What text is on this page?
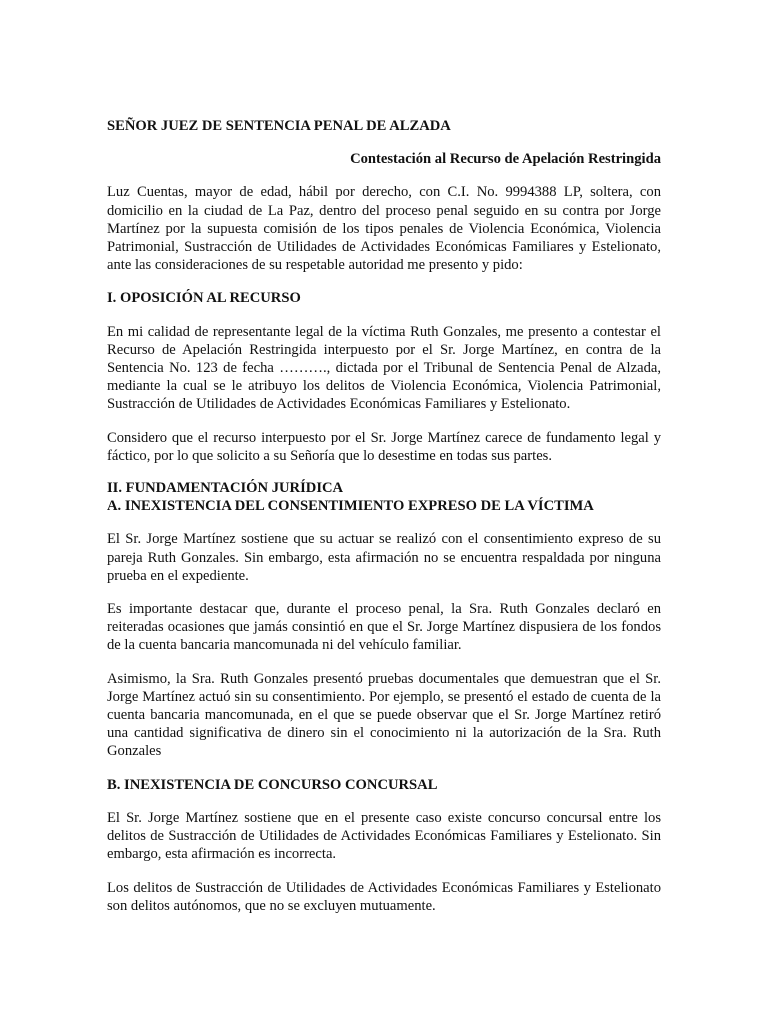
SEÑOR JUEZ DE SENTENCIA PENAL DE ALZADA

Contestación al Recurso de Apelación Restringida

Luz Cuentas, mayor de edad, hábil por derecho, con C.I. No. 9994388 LP, soltera, con domicilio en la ciudad de La Paz, dentro del proceso penal seguido en su contra por Jorge Martínez por la supuesta comisión de los tipos penales de Violencia Económica, Violencia Patrimonial, Sustracción de Utilidades de Actividades Económicas Familiares y Estelionato, ante las consideraciones de su respetable autoridad me presento y pido:

I. OPOSICIÓN AL RECURSO

En mi calidad de representante legal de la víctima Ruth Gonzales, me presento a contestar el Recurso de Apelación Restringida interpuesto por el Sr. Jorge Martínez, en contra de la Sentencia No. 123 de fecha ………., dictada por el Tribunal de Sentencia Penal de Alzada, mediante la cual se le atribuyo los delitos de Violencia Económica, Violencia Patrimonial, Sustracción de Utilidades de Actividades Económicas Familiares y Estelionato.

Considero que el recurso interpuesto por el Sr. Jorge Martínez carece de fundamento legal y fáctico, por lo que solicito a su Señoría que lo desestime en todas sus partes.

II. FUNDAMENTACIÓN JURÍDICA

A. INEXISTENCIA DEL CONSENTIMIENTO EXPRESO DE LA VÍCTIMA

El Sr. Jorge Martínez sostiene que su actuar se realizó con el consentimiento expreso de su pareja Ruth Gonzales. Sin embargo, esta afirmación no se encuentra respaldada por ninguna prueba en el expediente.

Es importante destacar que, durante el proceso penal, la Sra. Ruth Gonzales declaró en reiteradas ocasiones que jamás consintió en que el Sr. Jorge Martínez dispusiera de los fondos de la cuenta bancaria mancomunada ni del vehículo familiar.

Asimismo, la Sra. Ruth Gonzales presentó pruebas documentales que demuestran que el Sr. Jorge Martínez actuó sin su consentimiento. Por ejemplo, se presentó el estado de cuenta de la cuenta bancaria mancomunada, en el que se puede observar que el Sr. Jorge Martínez retiró una cantidad significativa de dinero sin el conocimiento ni la autorización de la Sra. Ruth Gonzales

B. INEXISTENCIA DE CONCURSO CONCURSAL

El Sr. Jorge Martínez sostiene que en el presente caso existe concurso concursal entre los delitos de Sustracción de Utilidades de Actividades Económicas Familiares y Estelionato. Sin embargo, esta afirmación es incorrecta.

Los delitos de Sustracción de Utilidades de Actividades Económicas Familiares y Estelionato son delitos autónomos, que no se excluyen mutuamente.
